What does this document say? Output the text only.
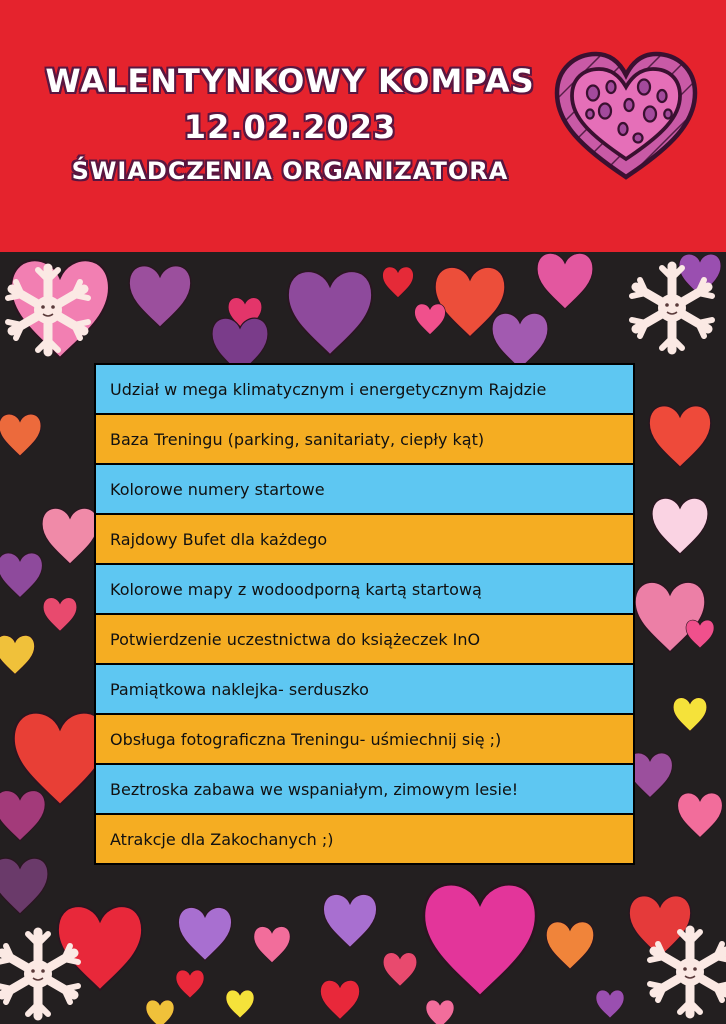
WALENTYNKOWY KOMPAS
12.02.2023
ŚWIADCZENIA ORGANIZATORA
Udział w mega klimatycznym i energetycznym Rajdzie
Baza Treningu (parking, sanitariaty, ciepły kąt)
Kolorowe numery startowe
Rajdowy Bufet dla każdego
Kolorowe mapy z wodoodporną kartą startową
Potwierdzenie uczestnictwa do książeczek InO
Pamiątkowa naklejka- serduszko
Obsługa fotograficzna Treningu- uśmiechnij się ;)
Beztroska zabawa we wspaniałym, zimowym lesie!
Atrakcje dla Zakochanych ;)
